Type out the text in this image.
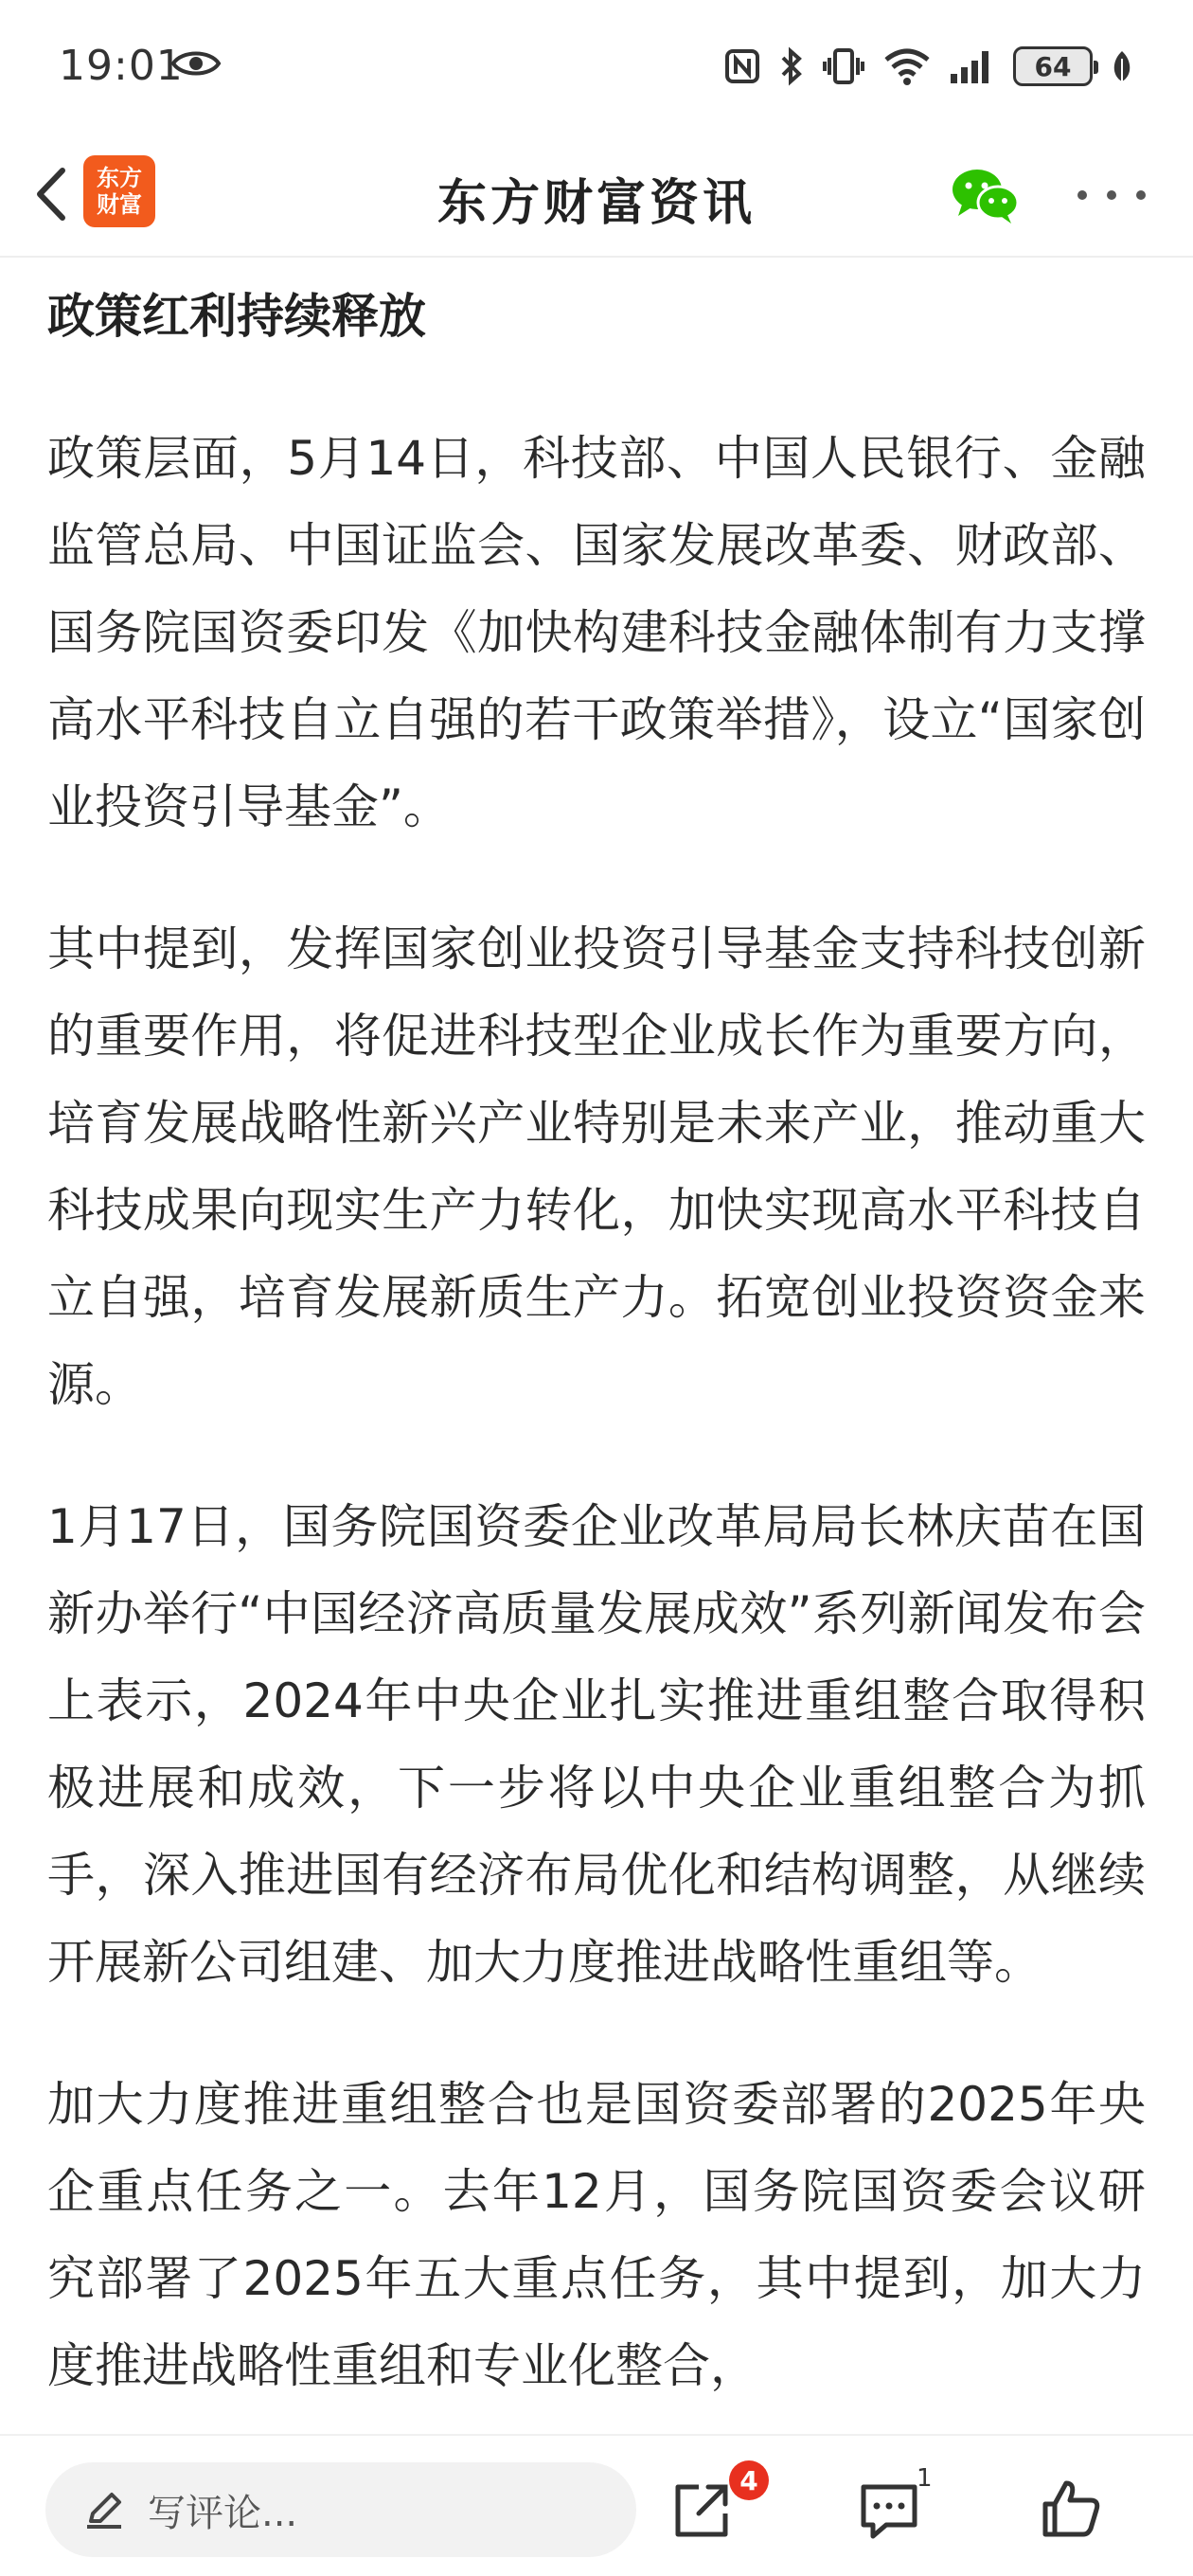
19:01	64
东方
财富	东方财富资讯
政策红利持续释放

政策层面，5月14日，科技部、中国人民银行、金融监管总局、中国证监会、国家发展改革委、财政部、国务院国资委印发《加快构建科技金融体制有力支撑高水平科技自立自强的若干政策举措》，设立“国家创业投资引导基金”。

其中提到，发挥国家创业投资引导基金支持科技创新的重要作用，将促进科技型企业成长作为重要方向，培育发展战略性新兴产业特别是未来产业，推动重大科技成果向现实生产力转化，加快实现高水平科技自立自强，培育发展新质生产力。拓宽创业投资资金来源。

1月17日，国务院国资委企业改革局局长林庆苗在国新办举行“中国经济高质量发展成效”系列新闻发布会上表示，2024年中央企业扎实推进重组整合取得积极进展和成效，下一步将以中央企业重组整合为抓手，深入推进国有经济布局优化和结构调整，从继续开展新公司组建、加大力度推进战略性重组等。

加大力度推进重组整合也是国资委部署的2025年央企重点任务之一。去年12月，国务院国资委会议研究部署了2025年五大重点任务，其中提到，加大力度推进战略性重组和专业化整合，

写评论...
4	1
